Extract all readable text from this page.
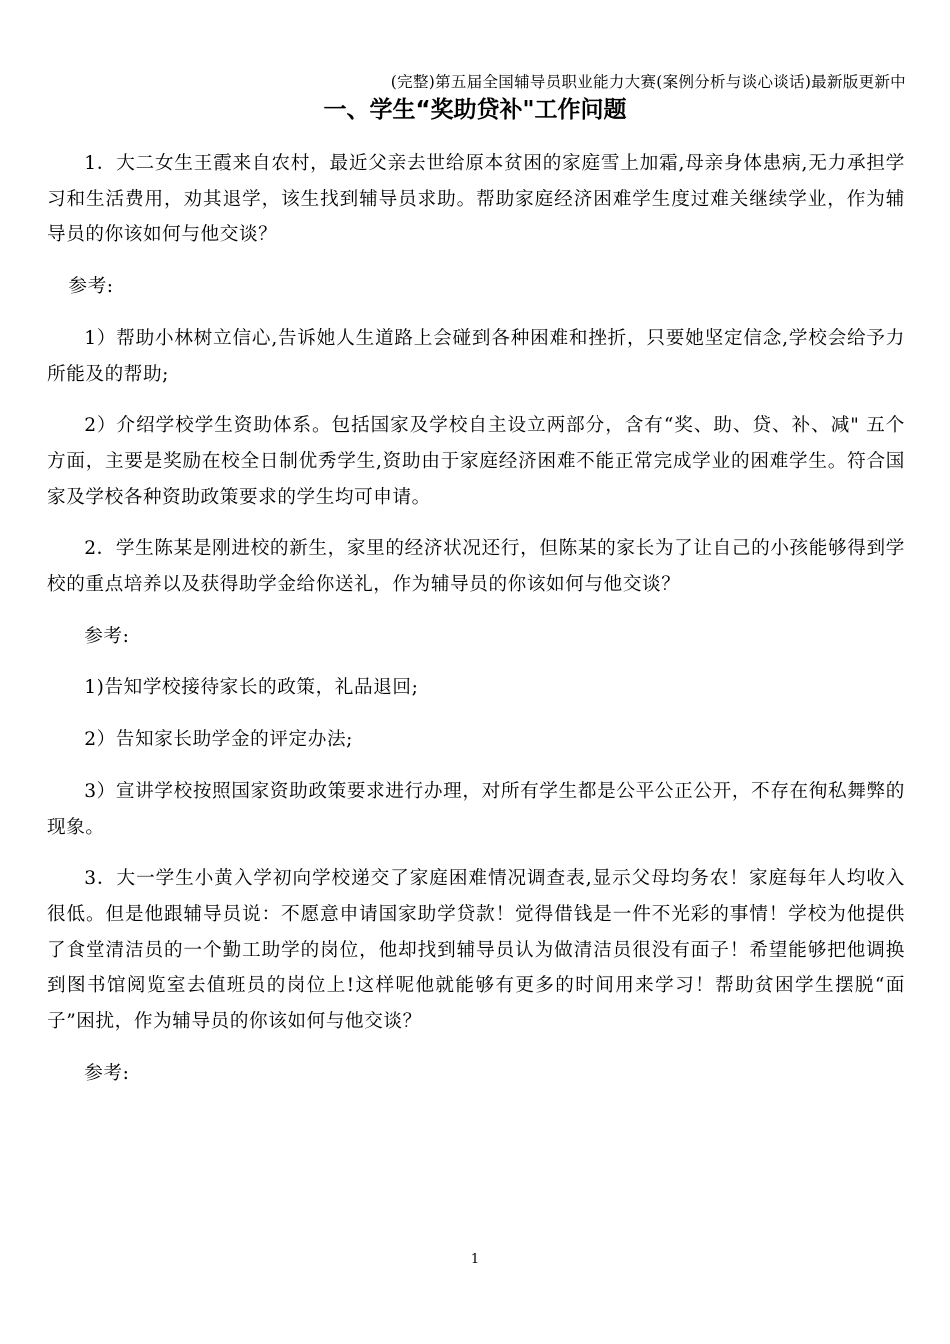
(完整)第五届全国辅导员职业能力大赛(案例分析与谈心谈话)最新版更新中
一、学生“奖助贷补"工作问题
1．大二女生王霞来自农村，最近父亲去世给原本贫困的家庭雪上加霜,母亲身体患病,无力承担学习和生活费用，劝其退学，该生找到辅导员求助。帮助家庭经济困难学生度过难关继续学业，作为辅导员的你该如何与他交谈？
参考:
1）帮助小林树立信心,告诉她人生道路上会碰到各种困难和挫折，只要她坚定信念,学校会给予力所能及的帮助;
2）介绍学校学生资助体系。包括国家及学校自主设立两部分，含有“奖、助、贷、补、减" 五个方面，主要是奖励在校全日制优秀学生,资助由于家庭经济困难不能正常完成学业的困难学生。符合国家及学校各种资助政策要求的学生均可申请。
2．学生陈某是刚进校的新生，家里的经济状况还行，但陈某的家长为了让自己的小孩能够得到学校的重点培养以及获得助学金给你送礼，作为辅导员的你该如何与他交谈？
参考:
1)告知学校接待家长的政策，礼品退回;
2）告知家长助学金的评定办法;
3）宣讲学校按照国家资助政策要求进行办理，对所有学生都是公平公正公开，不存在徇私舞弊的现象。
3．大一学生小黄入学初向学校递交了家庭困难情况调查表,显示父母均务农！家庭每年人均收入很低。但是他跟辅导员说：不愿意申请国家助学贷款！觉得借钱是一件不光彩的事情！学校为他提供了食堂清洁员的一个勤工助学的岗位，他却找到辅导员认为做清洁员很没有面子！希望能够把他调换到图书馆阅览室去值班员的岗位上!这样呢他就能够有更多的时间用来学习！帮助贫困学生摆脱“面子”困扰，作为辅导员的你该如何与他交谈？
参考:
1
